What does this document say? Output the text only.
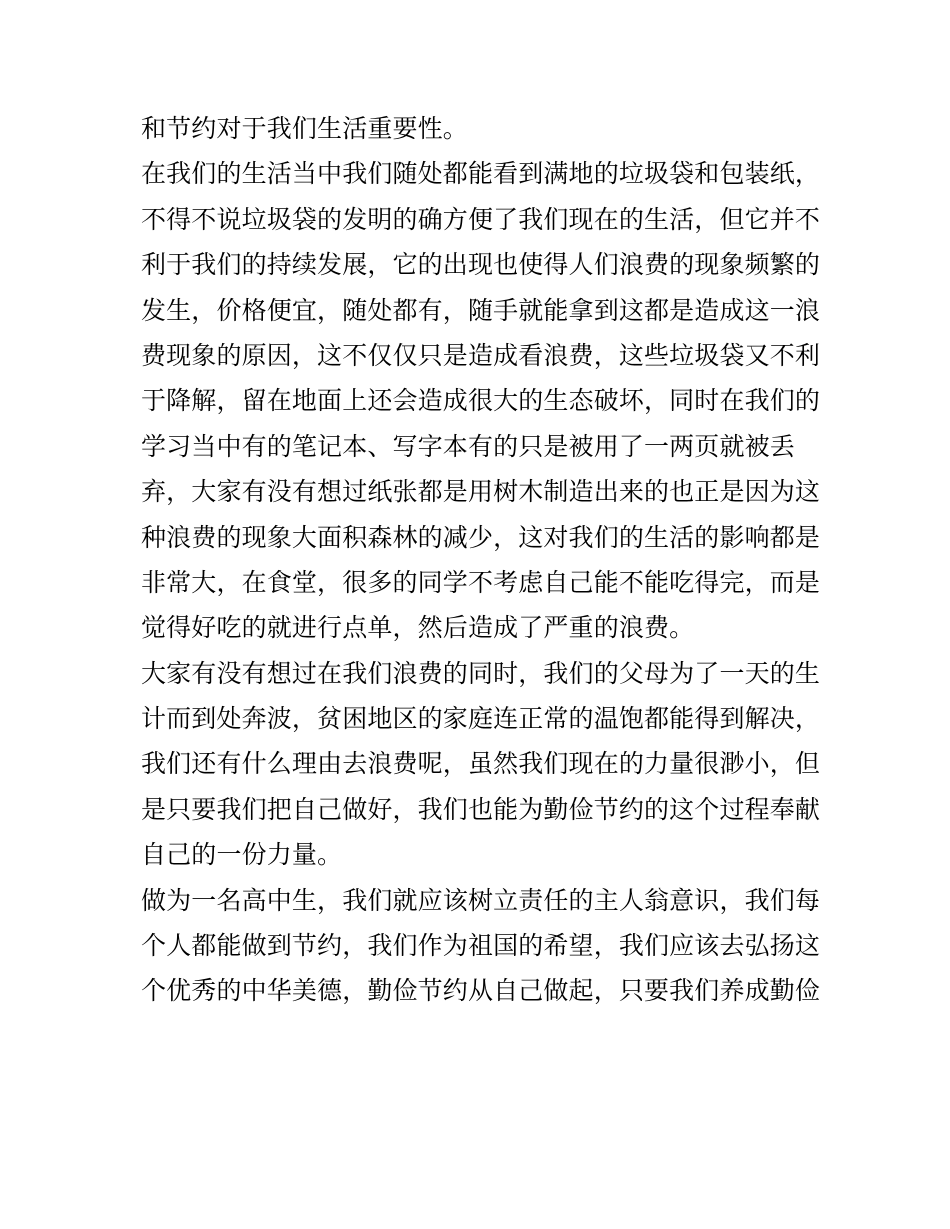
和节约对于我们生活重要性。
在我们的生活当中我们随处都能看到满地的垃圾袋和包装纸，
不得不说垃圾袋的发明的确方便了我们现在的生活，但它并不
利于我们的持续发展，它的出现也使得人们浪费的现象频繁的
发生，价格便宜，随处都有，随手就能拿到这都是造成这一浪
费现象的原因，这不仅仅只是造成看浪费，这些垃圾袋又不利
于降解，留在地面上还会造成很大的生态破坏，同时在我们的
学习当中有的笔记本、写字本有的只是被用了一两页就被丢
弃，大家有没有想过纸张都是用树木制造出来的也正是因为这
种浪费的现象大面积森林的减少，这对我们的生活的影响都是
非常大，在食堂，很多的同学不考虑自己能不能吃得完，而是
觉得好吃的就进行点单，然后造成了严重的浪费。
大家有没有想过在我们浪费的同时，我们的父母为了一天的生
计而到处奔波，贫困地区的家庭连正常的温饱都能得到解决，
我们还有什么理由去浪费呢，虽然我们现在的力量很渺小，但
是只要我们把自己做好，我们也能为勤俭节约的这个过程奉献
自己的一份力量。
做为一名高中生，我们就应该树立责任的主人翁意识，我们每
个人都能做到节约，我们作为祖国的希望，我们应该去弘扬这
个优秀的中华美德，勤俭节约从自己做起，只要我们养成勤俭
